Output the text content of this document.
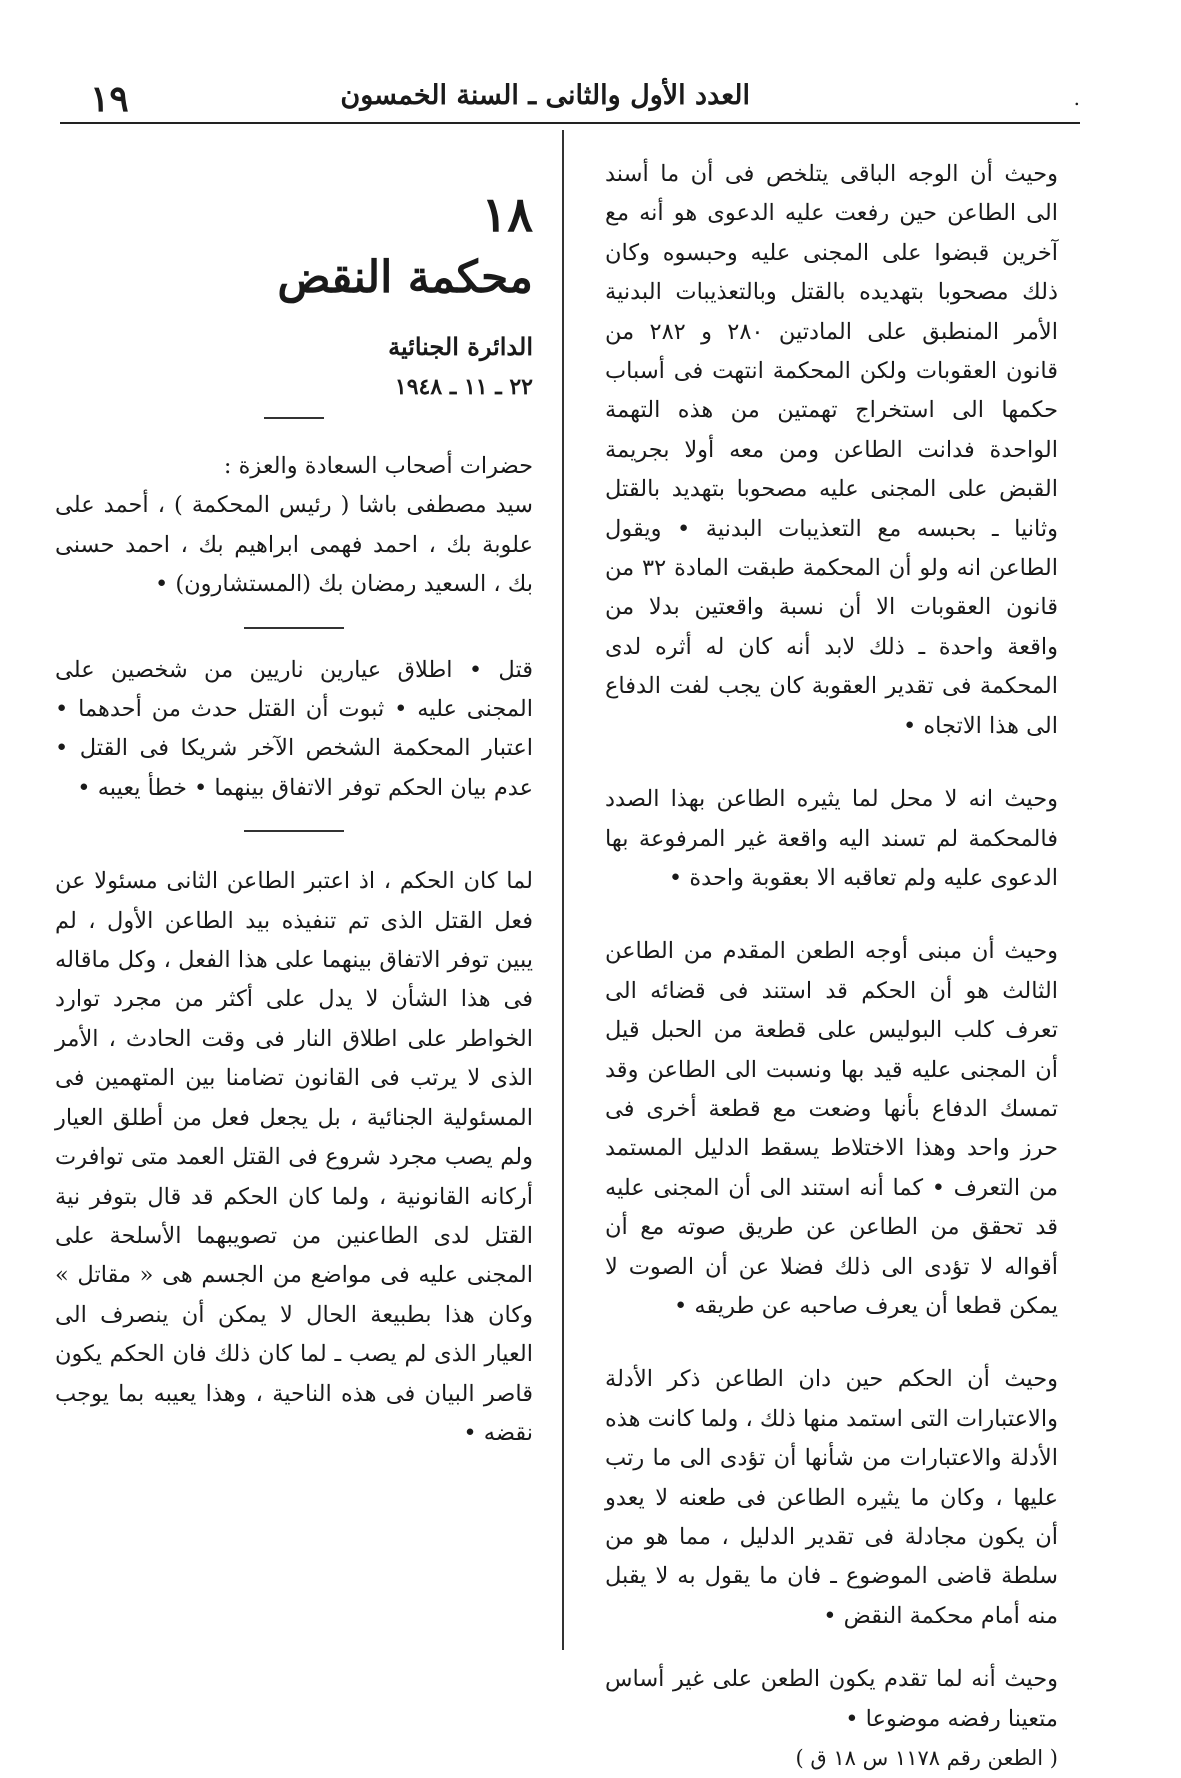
١٩	العدد الأول والثانى ـ السنة الخمسون	.

وحيث أن الوجه الباقى يتلخص فى أن ما أسند الى الطاعن حين رفعت عليه الدعوى هو أنه مع آخرين قبضوا على المجنى عليه وحبسوه وكان ذلك مصحوبا بتهديده بالقتل وبالتعذيبات البدنية الأمر المنطبق على المادتين ٢٨٠ و ٢٨٢ من قانون العقوبات ولكن المحكمة انتهت فى أسباب حكمها الى استخراج تهمتين من هذه التهمة الواحدة فدانت الطاعن ومن معه أولا بجريمة القبض على المجنى عليه مصحوبا بتهديد بالقتل وثانيا ـ بحبسه مع التعذيبات البدنية • ويقول الطاعن انه ولو أن المحكمة طبقت المادة ٣٢ من قانون العقوبات الا أن نسبة واقعتين بدلا من واقعة واحدة ـ ذلك لابد أنه كان له أثره لدى المحكمة فى تقدير العقوبة كان يجب لفت الدفاع الى هذا الاتجاه •

وحيث انه لا محل لما يثيره الطاعن بهذا الصدد فالمحكمة لم تسند اليه واقعة غير المرفوعة بها الدعوى عليه ولم تعاقبه الا بعقوبة واحدة •

وحيث أن مبنى أوجه الطعن المقدم من الطاعن الثالث هو أن الحكم قد استند فى قضائه الى تعرف كلب البوليس على قطعة من الحبل قيل أن المجنى عليه قيد بها ونسبت الى الطاعن وقد تمسك الدفاع بأنها وضعت مع قطعة أخرى فى حرز واحد وهذا الاختلاط يسقط الدليل المستمد من التعرف • كما أنه استند الى أن المجنى عليه قد تحقق من الطاعن عن طريق صوته مع أن أقواله لا تؤدى الى ذلك فضلا عن أن الصوت لا يمكن قطعا أن يعرف صاحبه عن طريقه •

وحيث أن الحكم حين دان الطاعن ذكر الأدلة والاعتبارات التى استمد منها ذلك ، ولما كانت هذه الأدلة والاعتبارات من شأنها أن تؤدى الى ما رتب عليها ، وكان ما يثيره الطاعن فى طعنه لا يعدو أن يكون مجادلة فى تقدير الدليل ، مما هو من سلطة قاضى الموضوع ـ فان ما يقول به لا يقبل منه أمام محكمة النقض •

وحيث أنه لما تقدم يكون الطعن على غير أساس متعينا رفضه موضوعا •

( الطعن رقم ١١٧٨ س ١٨ ق )

١٨
محكمة النقض
الدائرة الجنائية
٢٢ ـ ١١ ـ ١٩٤٨

حضرات أصحاب السعادة والعزة :

سيد مصطفى باشا ( رئيس المحكمة ) ، أحمد على علوبة بك ، احمد فهمى ابراهيم بك ، احمد حسنى بك ، السعيد رمضان بك (المستشارون) •

قتل • اطلاق عيارين ناريين من شخصين على المجنى عليه • ثبوت أن القتل حدث من أحدهما • اعتبار المحكمة الشخص الآخر شريكا فى القتل • عدم بيان الحكم توفر الاتفاق بينهما • خطأ يعيبه •

لما كان الحكم ، اذ اعتبر الطاعن الثانى مسئولا عن فعل القتل الذى تم تنفيذه بيد الطاعن الأول ، لم يبين توفر الاتفاق بينهما على هذا الفعل ، وكل ماقاله فى هذا الشأن لا يدل على أكثر من مجرد توارد الخواطر على اطلاق النار فى وقت الحادث ، الأمر الذى لا يرتب فى القانون تضامنا بين المتهمين فى المسئولية الجنائية ، بل يجعل فعل من أطلق العيار ولم يصب مجرد شروع فى القتل العمد متى توافرت أركانه القانونية ، ولما كان الحكم قد قال بتوفر نية القتل لدى الطاعنين من تصويبهما الأسلحة على المجنى عليه فى مواضع من الجسم هى « مقاتل » وكان هذا بطبيعة الحال لا يمكن أن ينصرف الى العيار الذى لم يصب ـ لما كان ذلك فان الحكم يكون قاصر البيان فى هذه الناحية ، وهذا يعيبه بما يوجب نقضه •
